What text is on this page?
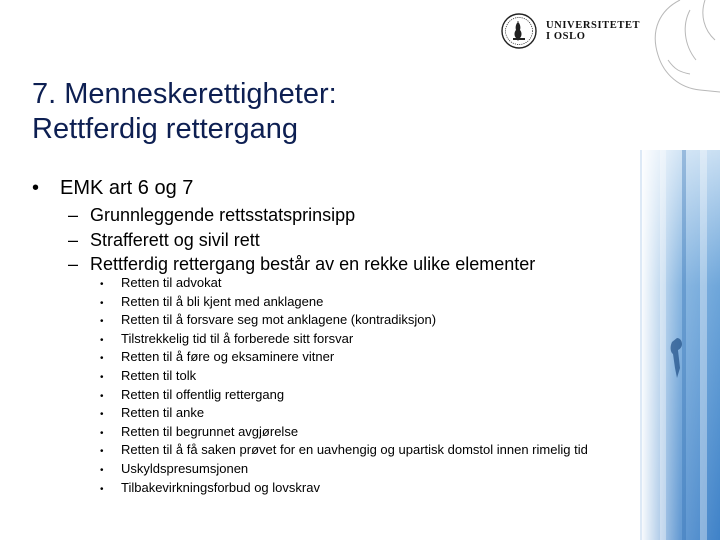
UNIVERSITETET
I OSLO
7. Menneskerettigheter:
Rettferdig rettergang
• EMK art 6 og 7
– Grunnleggende rettsstatsprinsipp
– Strafferett og sivil rett
– Rettferdig rettergang består av en rekke ulike elementer
• Retten til advokat
• Retten til å bli kjent med anklagene
• Retten til å forsvare seg mot anklagene (kontradiksjon)
• Tilstrekkelig tid til å forberede sitt forsvar
• Retten til å føre og eksaminere vitner
• Retten til tolk
• Retten til offentlig rettergang
• Retten til anke
• Retten til begrunnet avgjørelse
• Retten til å få saken prøvet for en uavhengig og upartisk domstol innen rimelig tid
• Uskyldspresumsjonen
• Tilbakevirkningsforbud og lovskrav
